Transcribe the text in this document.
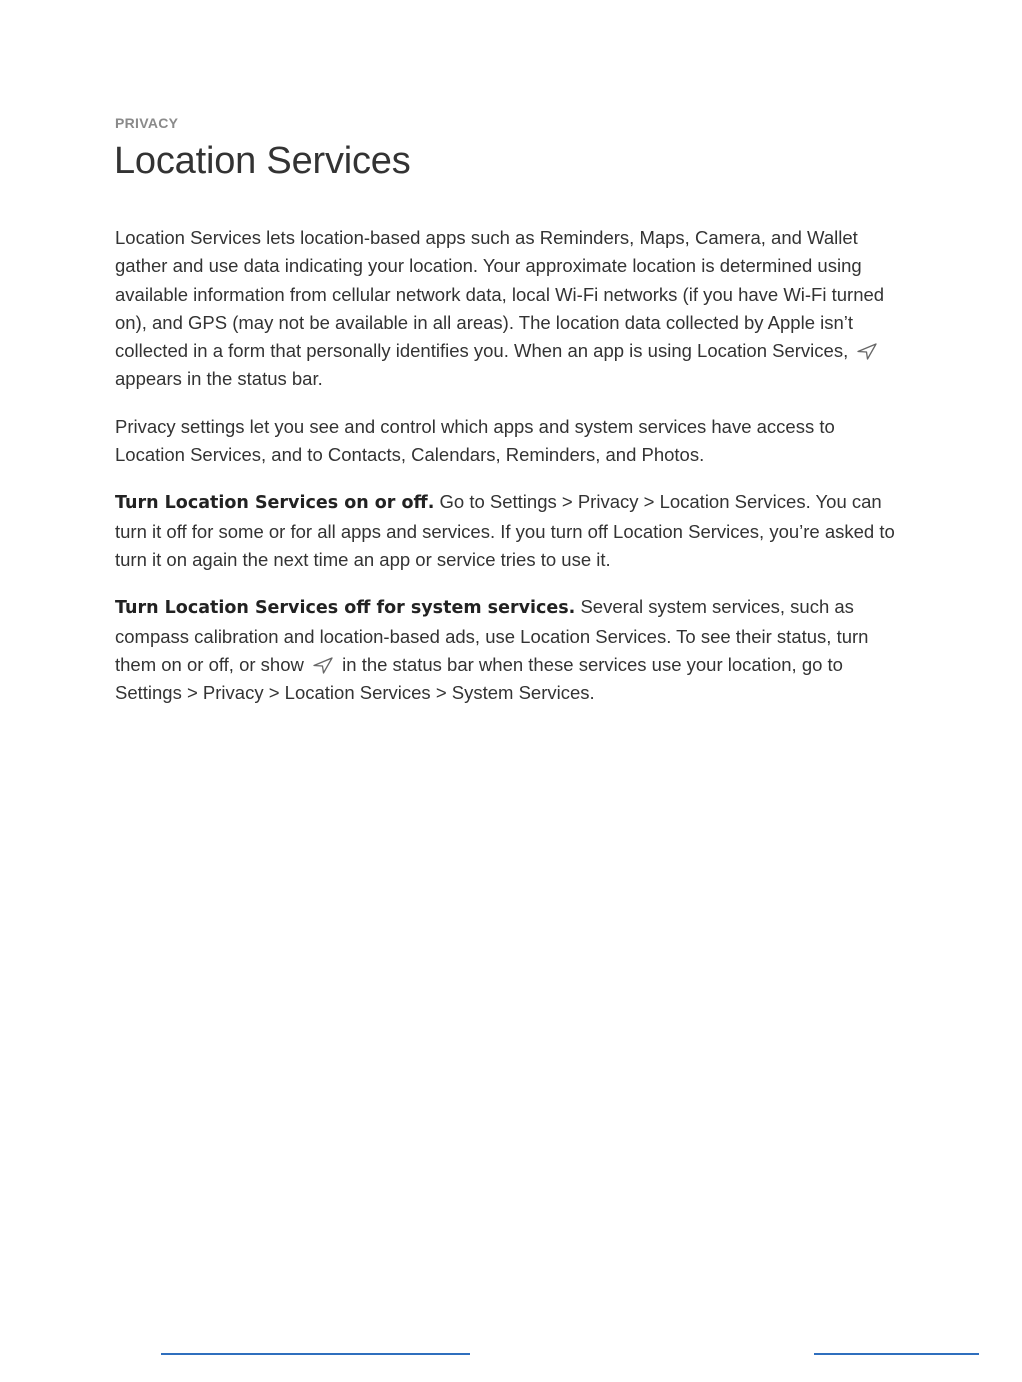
PRIVACY
Location Services

Location Services lets location-based apps such as Reminders, Maps, Camera, and Wallet gather and use data indicating your location. Your approximate location is determined using available information from cellular network data, local Wi-Fi networks (if you have Wi-Fi turned on), and GPS (may not be available in all areas). The location data collected by Apple isn’t collected in a form that personally identifies you. When an app is using Location Services,
appears in the status bar.

Privacy settings let you see and control which apps and system services have access to Location Services, and to Contacts, Calendars, Reminders, and Photos.

Turn Location Services on or off. Go to Settings > Privacy > Location Services. You can turn it off for some or for all apps and services. If you turn off Location Services, you’re asked to turn it on again the next time an app or service tries to use it.

Turn Location Services off for system services. Several system services, such as compass calibration and location-based ads, use Location Services. To see their status, turn them on or off, or show in the status bar when these services use your location, go to Settings > Privacy > Location Services > System Services.
